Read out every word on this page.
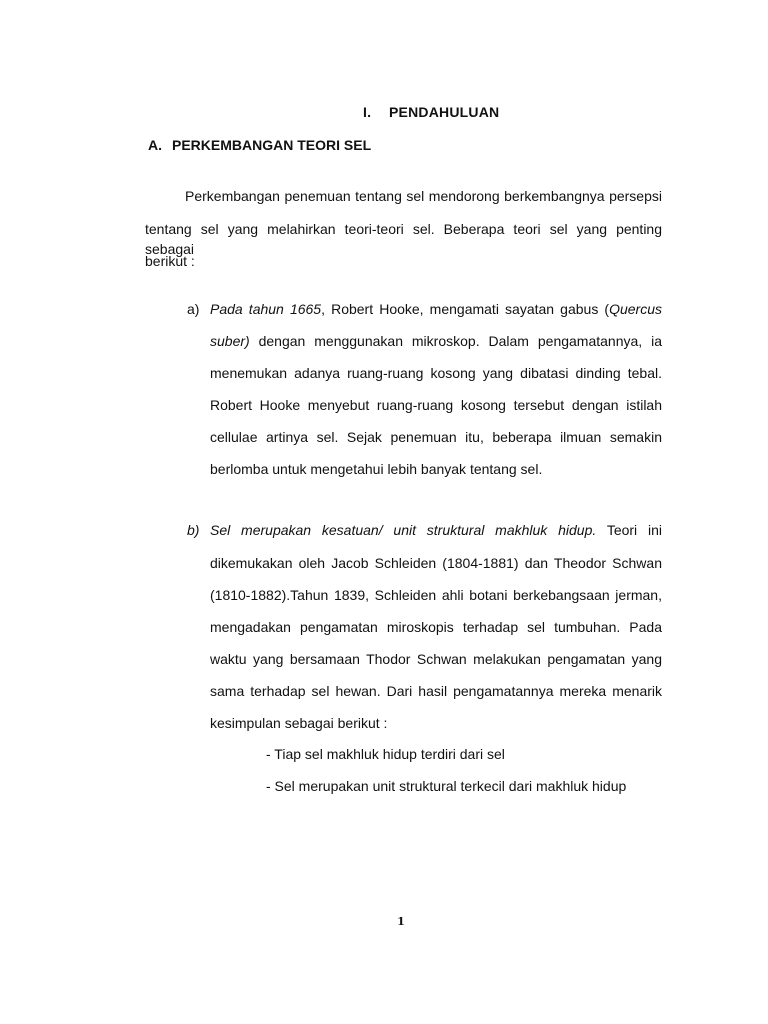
I. PENDAHULUAN
A. PERKEMBANGAN TEORI SEL
Perkembangan penemuan tentang sel mendorong berkembangnya persepsi
tentang sel yang melahirkan teori-teori sel. Beberapa teori sel yang penting sebagai
berikut :
a) Pada tahun 1665, Robert Hooke, mengamati sayatan gabus (Quercus
suber) dengan menggunakan mikroskop. Dalam pengamatannya, ia
menemukan adanya ruang-ruang kosong yang dibatasi dinding tebal.
Robert Hooke menyebut ruang-ruang kosong tersebut dengan istilah
cellulae artinya sel. Sejak penemuan itu, beberapa ilmuan semakin
berlomba untuk mengetahui lebih banyak tentang sel.
b) Sel merupakan kesatuan/ unit struktural makhluk hidup. Teori ini
dikemukakan oleh Jacob Schleiden (1804-1881) dan Theodor Schwan
(1810-1882).Tahun 1839, Schleiden ahli botani berkebangsaan jerman,
mengadakan pengamatan miroskopis terhadap sel tumbuhan. Pada
waktu yang bersamaan Thodor Schwan melakukan pengamatan yang
sama terhadap sel hewan. Dari hasil pengamatannya mereka menarik
kesimpulan sebagai berikut :
- Tiap sel makhluk hidup terdiri dari sel
- Sel merupakan unit struktural terkecil dari makhluk hidup
1
